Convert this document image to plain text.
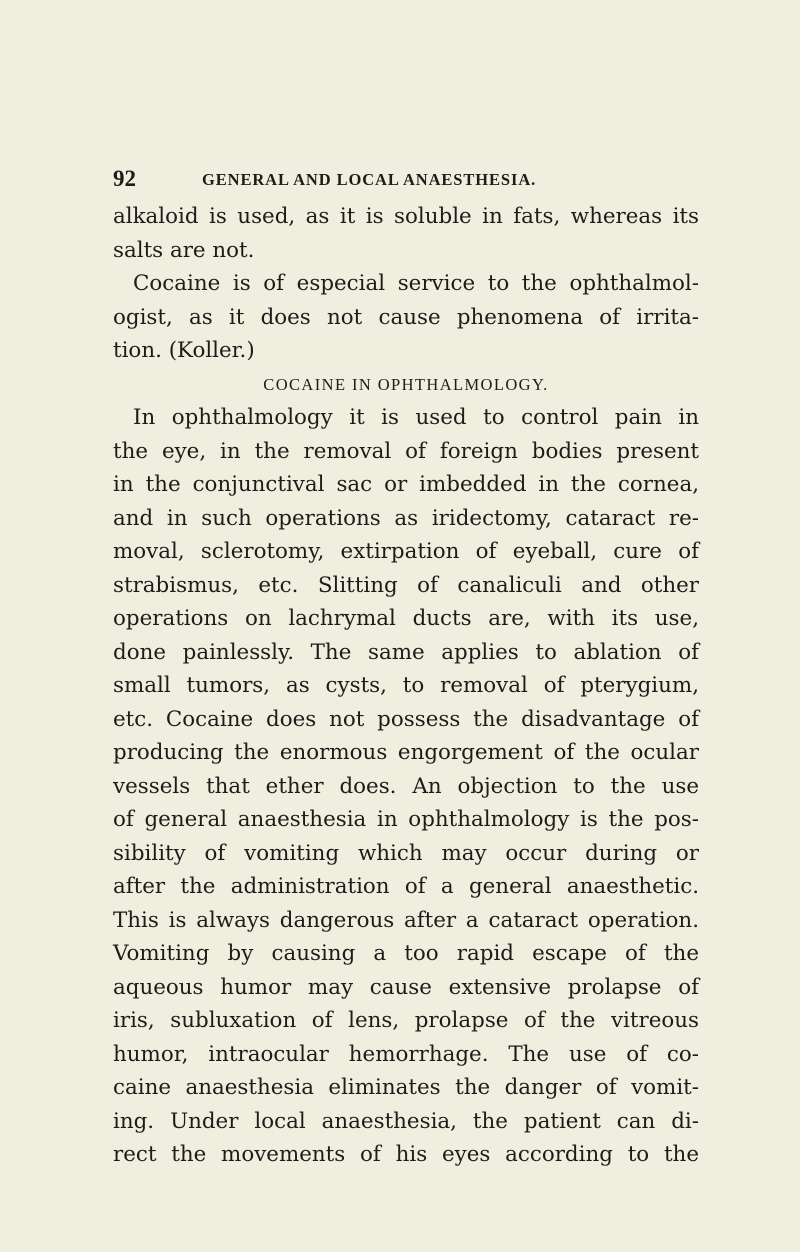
92	GENERAL AND LOCAL ANAESTHESIA.
alkaloid is used, as it is soluble in fats, whereas its
salts are not.
Cocaine is of especial service to the ophthalmol-
ogist, as it does not cause phenomena of irrita-
tion. (Koller.)
COCAINE IN OPHTHALMOLOGY.
In ophthalmology it is used to control pain in
the eye, in the removal of foreign bodies present
in the conjunctival sac or imbedded in the cornea,
and in such operations as iridectomy, cataract re-
moval, sclerotomy, extirpation of eyeball, cure of
strabismus, etc. Slitting of canaliculi and other
operations on lachrymal ducts are, with its use,
done painlessly. The same applies to ablation of
small tumors, as cysts, to removal of pterygium,
etc. Cocaine does not possess the disadvantage of
producing the enormous engorgement of the ocular
vessels that ether does. An objection to the use
of general anaesthesia in ophthalmology is the pos-
sibility of vomiting which may occur during or
after the administration of a general anaesthetic.
This is always dangerous after a cataract operation.
Vomiting by causing a too rapid escape of the
aqueous humor may cause extensive prolapse of
iris, subluxation of lens, prolapse of the vitreous
humor, intraocular hemorrhage. The use of co-
caine anaesthesia eliminates the danger of vomit-
ing. Under local anaesthesia, the patient can di-
rect the movements of his eyes according to the
